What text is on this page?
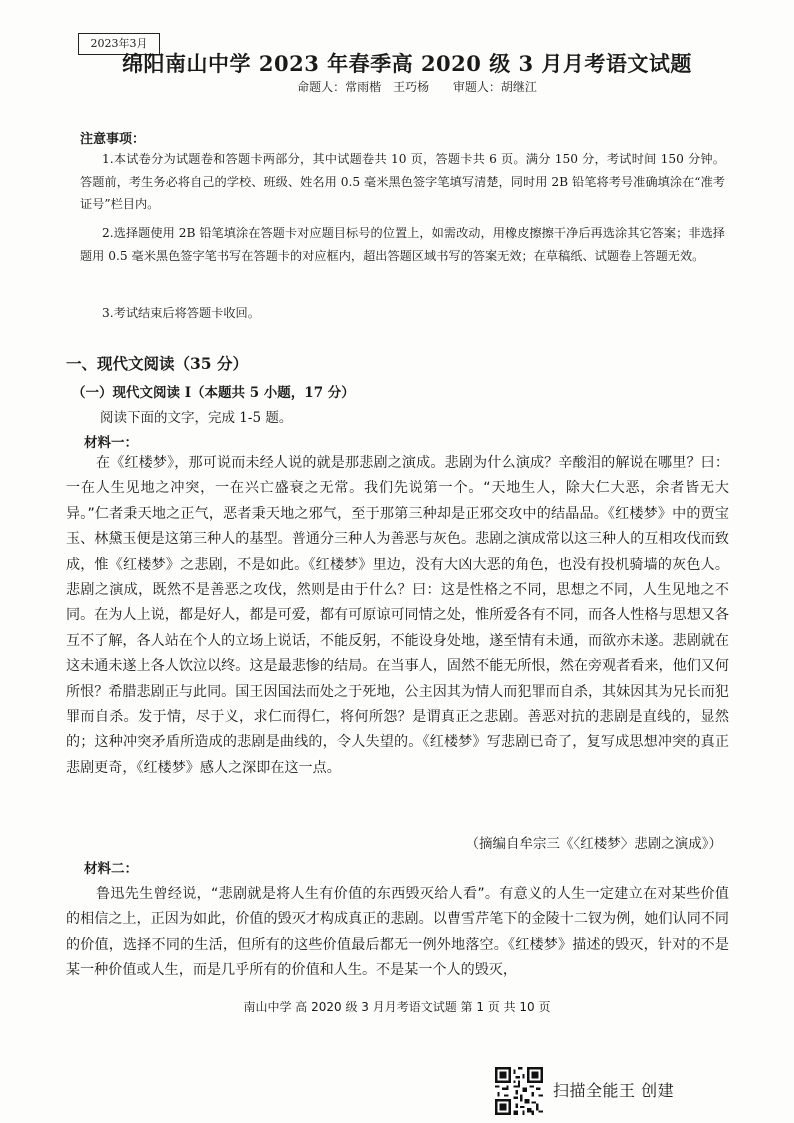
2023年3月
绵阳南山中学 2023 年春季高 2020 级 3 月月考语文试题
命题人：常雨楷　王巧杨 审题人：胡继江
注意事项：
1.本试卷分为试题卷和答题卡两部分，其中试题卷共 10 页，答题卡共 6 页。满分 150 分，考试时间 150 分钟。答题前，考生务必将自己的学校、班级、姓名用 0.5 毫米黑色签字笔填写清楚，同时用 2B 铅笔将考号准确填涂在“准考证号”栏目内。
2.选择题使用 2B 铅笔填涂在答题卡对应题目标号的位置上，如需改动，用橡皮擦擦干净后再选涂其它答案；非选择题用 0.5 毫米黑色签字笔书写在答题卡的对应框内，超出答题区域书写的答案无效；在草稿纸、试题卷上答题无效。
3.考试结束后将答题卡收回。
一、现代文阅读（35 分）
（一）现代文阅读 I（本题共 5 小题，17 分）
阅读下面的文字，完成 1-5 题。
材料一：
在《红楼梦》，那可说而未经人说的就是那悲剧之演成。悲剧为什么演成？辛酸泪的解说在哪里？曰：一在人生见地之冲突，一在兴亡盛衰之无常。我们先说第一个。“天地生人，除大仁大恶，余者皆无大异。”仁者秉天地之正气，恶者秉天地之邪气，至于那第三种却是正邪交攻中的结晶品。《红楼梦》中的贾宝玉、林黛玉便是这第三种人的基型。普通分三种人为善恶与灰色。悲剧之演成常以这三种人的互相攻伐而致成，惟《红楼梦》之悲剧，不是如此。《红楼梦》里边，没有大凶大恶的角色，也没有投机骑墙的灰色人。悲剧之演成，既然不是善恶之攻伐，然则是由于什么？曰：这是性格之不同，思想之不同，人生见地之不同。在为人上说，都是好人，都是可爱，都有可原谅可同情之处，惟所爱各有不同，而各人性格与思想又各互不了解，各人站在个人的立场上说话，不能反躬，不能设身处地，遂至情有未通，而欲亦未遂。悲剧就在这未通未遂上各人饮泣以终。这是最悲惨的结局。在当事人，固然不能无所恨，然在旁观者看来，他们又何所恨？希腊悲剧正与此同。国王因国法而处之于死地，公主因其为情人而犯罪而自杀，其妹因其为兄长而犯罪而自杀。发于情，尽于义，求仁而得仁，将何所怨？是谓真正之悲剧。善恶对抗的悲剧是直线的，显然的；这种冲突矛盾所造成的悲剧是曲线的，令人失望的。《红楼梦》写悲剧已奇了，复写成思想冲突的真正悲剧更奇，《红楼梦》感人之深即在这一点。
（摘编自牟宗三《〈红楼梦〉悲剧之演成》）
材料二：
鲁迅先生曾经说，“悲剧就是将人生有价值的东西毁灭给人看”。有意义的人生一定建立在对某些价值的相信之上，正因为如此，价值的毁灭才构成真正的悲剧。以曹雪芹笔下的金陵十二钗为例，她们认同不同的价值，选择不同的生活，但所有的这些价值最后都无一例外地落空。《红楼梦》描述的毁灭，针对的不是某一种价值或人生，而是几乎所有的价值和人生。不是某一个人的毁灭，
南山中学 高 2020 级 3 月月考语文试题 第 1 页 共 10 页
扫描全能王 创建
